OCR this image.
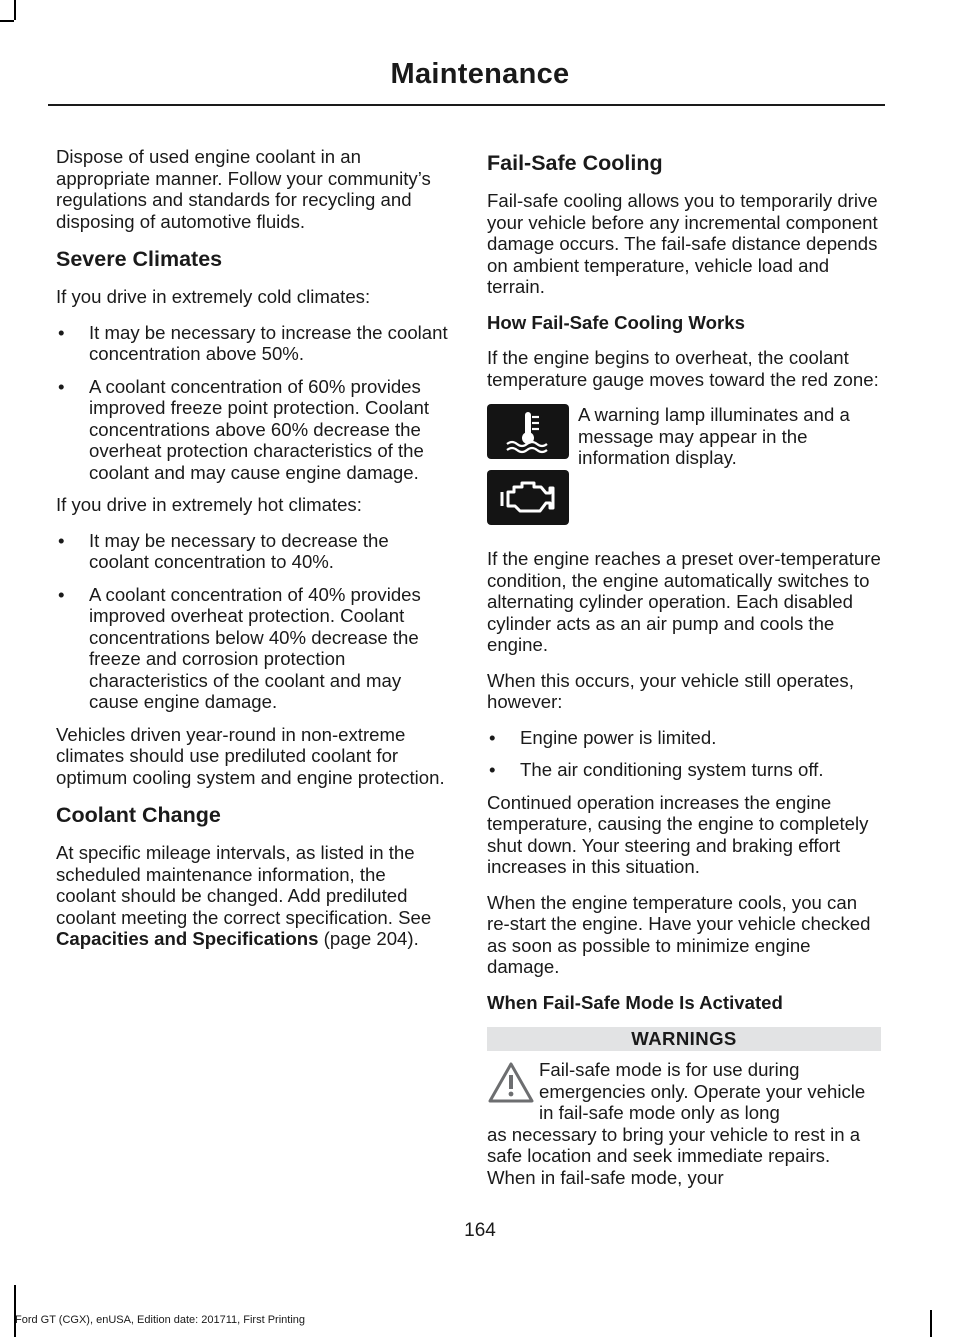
Maintenance

Dispose of used engine coolant in an appropriate manner. Follow your community’s regulations and standards for recycling and disposing of automotive fluids.

Severe Climates

If you drive in extremely cold climates:

• It may be necessary to increase the coolant concentration above 50%.
• A coolant concentration of 60% provides improved freeze point protection. Coolant concentrations above 60% decrease the overheat protection characteristics of the coolant and may cause engine damage.

If you drive in extremely hot climates:

• It may be necessary to decrease the coolant concentration to 40%.
• A coolant concentration of 40% provides improved overheat protection. Coolant concentrations below 40% decrease the freeze and corrosion protection characteristics of the coolant and may cause engine damage.

Vehicles driven year-round in non-extreme climates should use prediluted coolant for optimum cooling system and engine protection.

Coolant Change

At specific mileage intervals, as listed in the scheduled maintenance information, the coolant should be changed. Add prediluted coolant meeting the correct specification. See Capacities and Specifications (page 204).

Fail-Safe Cooling

Fail-safe cooling allows you to temporarily drive your vehicle before any incremental component damage occurs. The fail-safe distance depends on ambient temperature, vehicle load and terrain.

How Fail-Safe Cooling Works

If the engine begins to overheat, the coolant temperature gauge moves toward the red zone:

A warning lamp illuminates and a message may appear in the information display.

If the engine reaches a preset over-temperature condition, the engine automatically switches to alternating cylinder operation. Each disabled cylinder acts as an air pump and cools the engine.

When this occurs, your vehicle still operates, however:

• Engine power is limited.
• The air conditioning system turns off.

Continued operation increases the engine temperature, causing the engine to completely shut down. Your steering and braking effort increases in this situation.

When the engine temperature cools, you can re-start the engine. Have your vehicle checked as soon as possible to minimize engine damage.

When Fail-Safe Mode Is Activated
WARNINGS
Fail-safe mode is for use during emergencies only. Operate your vehicle in fail-safe mode only as long
as necessary to bring your vehicle to rest in a safe location and seek immediate repairs. When in fail-safe mode, your
164
Ford GT (CGX), enUSA, Edition date: 201711, First Printing
